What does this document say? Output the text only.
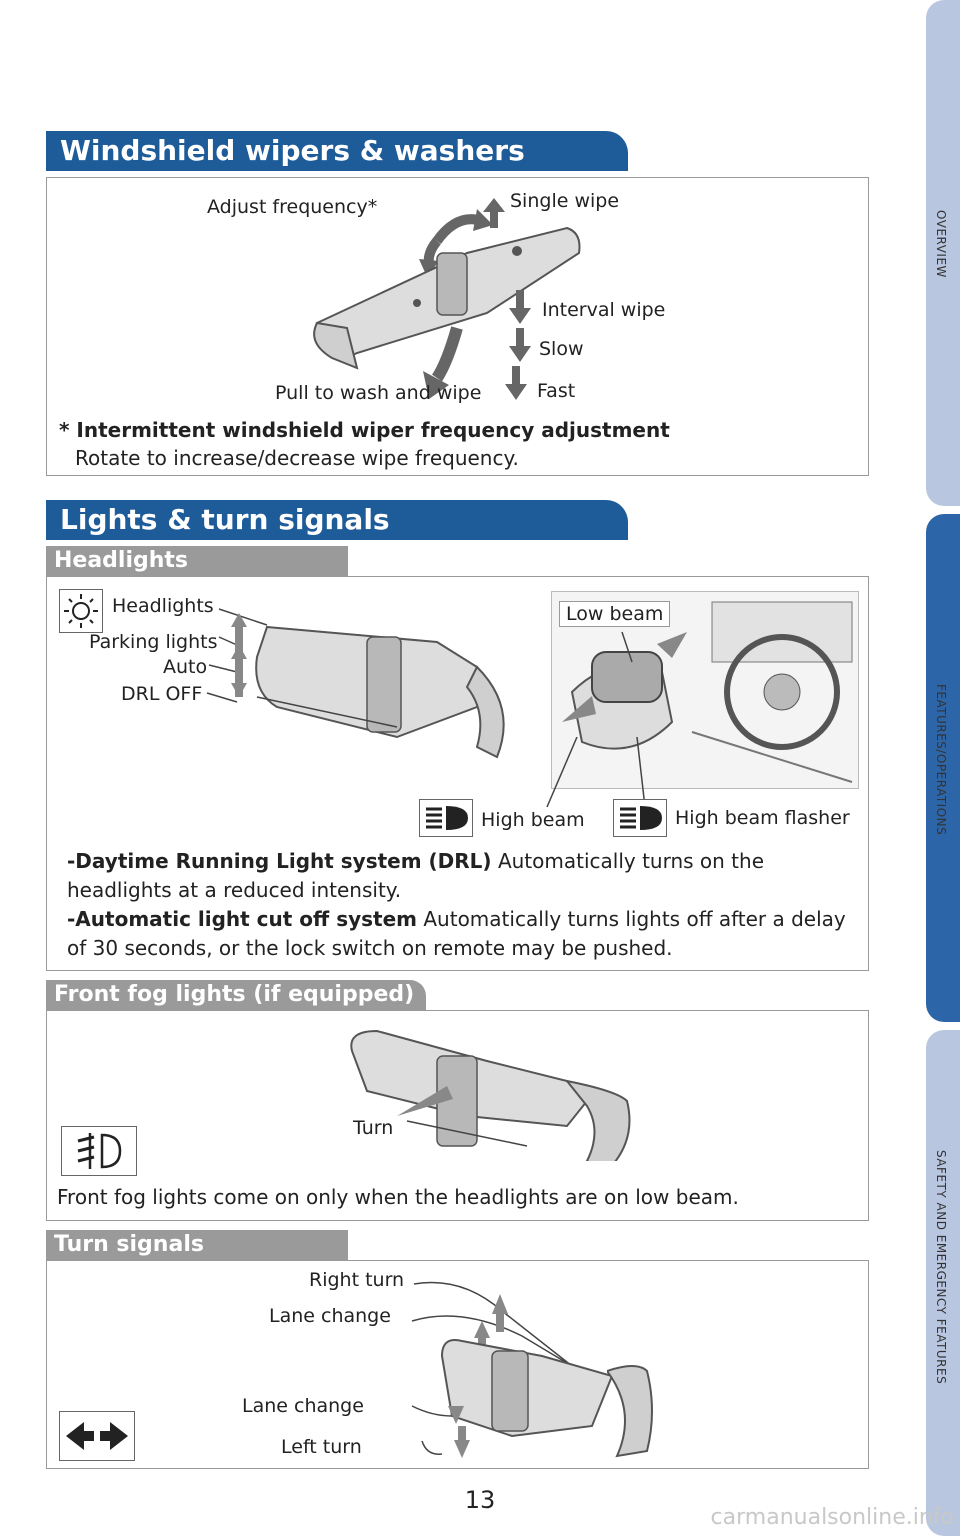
OVERVIEW
FEATURES/OPERATIONS
SAFETY AND EMERGENCY FEATURES
Windshield wipers & washers
Adjust frequency*	Single wipe
Interval wipe
Slow
Fast
Pull to wash and wipe
* Intermittent windshield wiper frequency adjustment
Rotate to increase/decrease wipe frequency.
Lights & turn signals
Headlights
Headlights
Parking lights
Auto
DRL OFF
Low beam
High beam	High beam flasher
-Daytime Running Light system (DRL) Automatically turns on the headlights at a reduced intensity.
-Automatic light cut off system Automatically turns lights off after a delay of 30 seconds, or the lock switch on remote may be pushed.
Front fog lights (if equipped)
Turn
Front fog lights come on only when the headlights are on low beam.
Turn signals
Right turn
Lane change
Lane change
Left turn
13
carmanualsonline.info
